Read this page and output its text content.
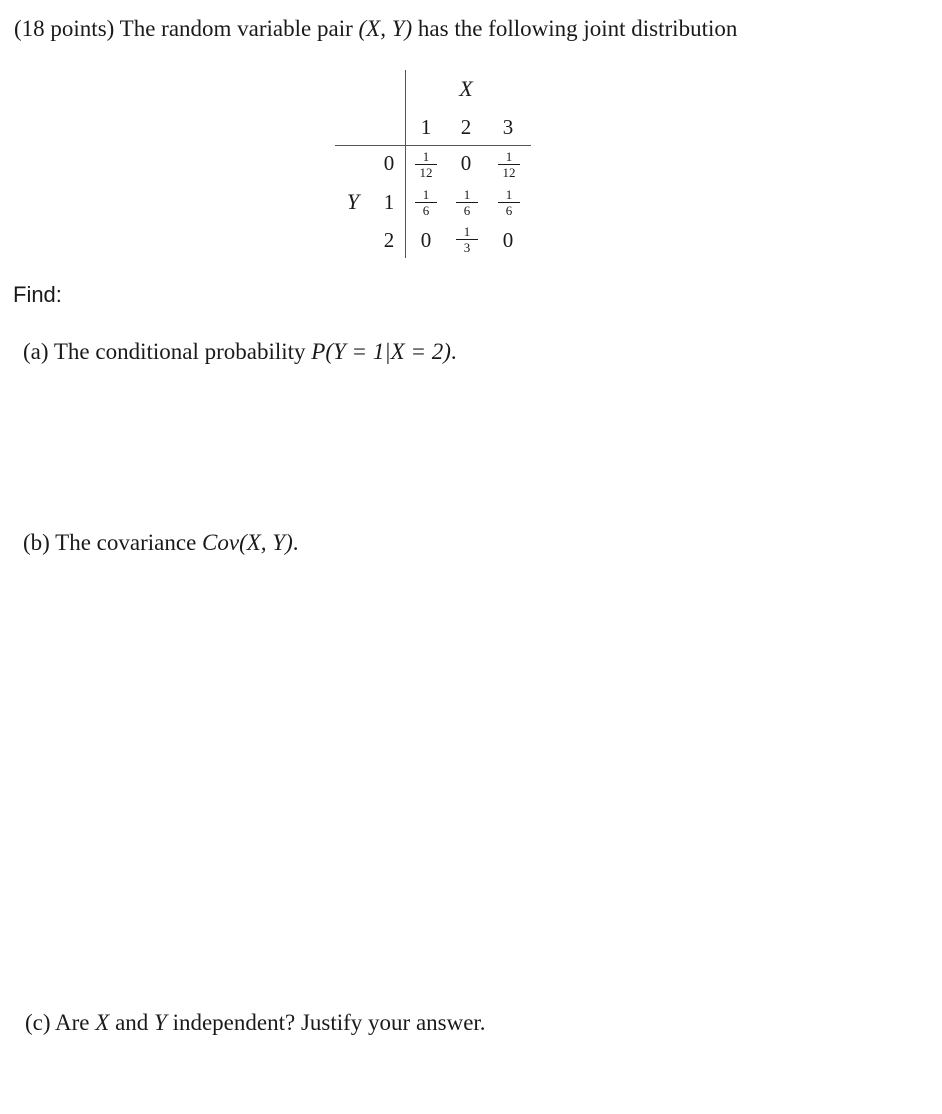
(18 points) The random variable pair (X, Y) has the following joint distribution
X
1 2 3
Y
0
1
2
1
12 0	1
12
1
6
1
6
1
6
0	1
3 0
Find:
(a) The conditional probability P(Y = 1|X = 2).
(b) The covariance Cov(X, Y).
(c) Are X and Y independent? Justify your answer.
